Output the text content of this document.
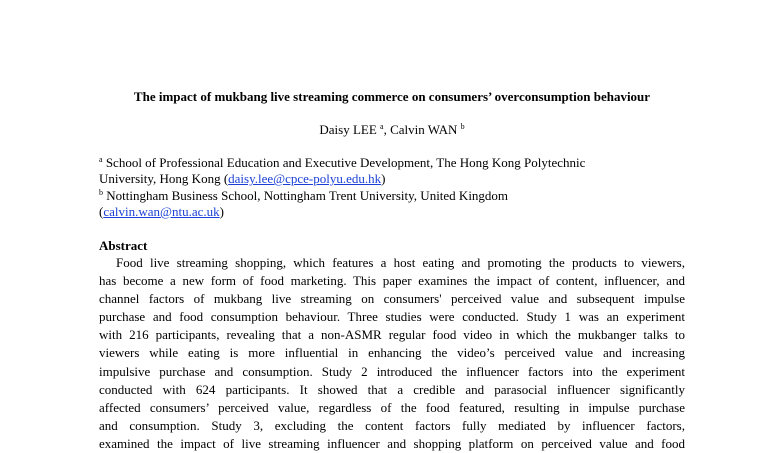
The impact of mukbang live streaming commerce on consumers’ overconsumption behaviour
Daisy LEE $^a$, Calvin WAN $^b$
$^a$ School of Professional Education and Executive Development, The Hong Kong Polytechnic
University, Hong Kong (daisy.lee@cpce-polyu.edu.hk)
$^b$ Nottingham Business School, Nottingham Trent University, United Kingdom
(calvin.wan@ntu.ac.uk)
Abstract
Food live streaming shopping, which features a host eating and promoting the products to viewers,
has become a new form of food marketing. This paper examines the impact of content, influencer, and
channel factors of mukbang live streaming on consumers' perceived value and subsequent impulse
purchase and food consumption behaviour. Three studies were conducted. Study 1 was an experiment
with 216 participants, revealing that a non-ASMR regular food video in which the mukbanger talks to
viewers while eating is more influential in enhancing the video’s perceived value and increasing
impulsive purchase and consumption. Study 2 introduced the influencer factors into the experiment
conducted with 624 participants. It showed that a credible and parasocial influencer significantly
affected consumers’ perceived value, regardless of the food featured, resulting in impulse purchase
and consumption. Study 3, excluding the content factors fully mediated by influencer factors,
examined the impact of live streaming influencer and shopping platform on perceived value and food
